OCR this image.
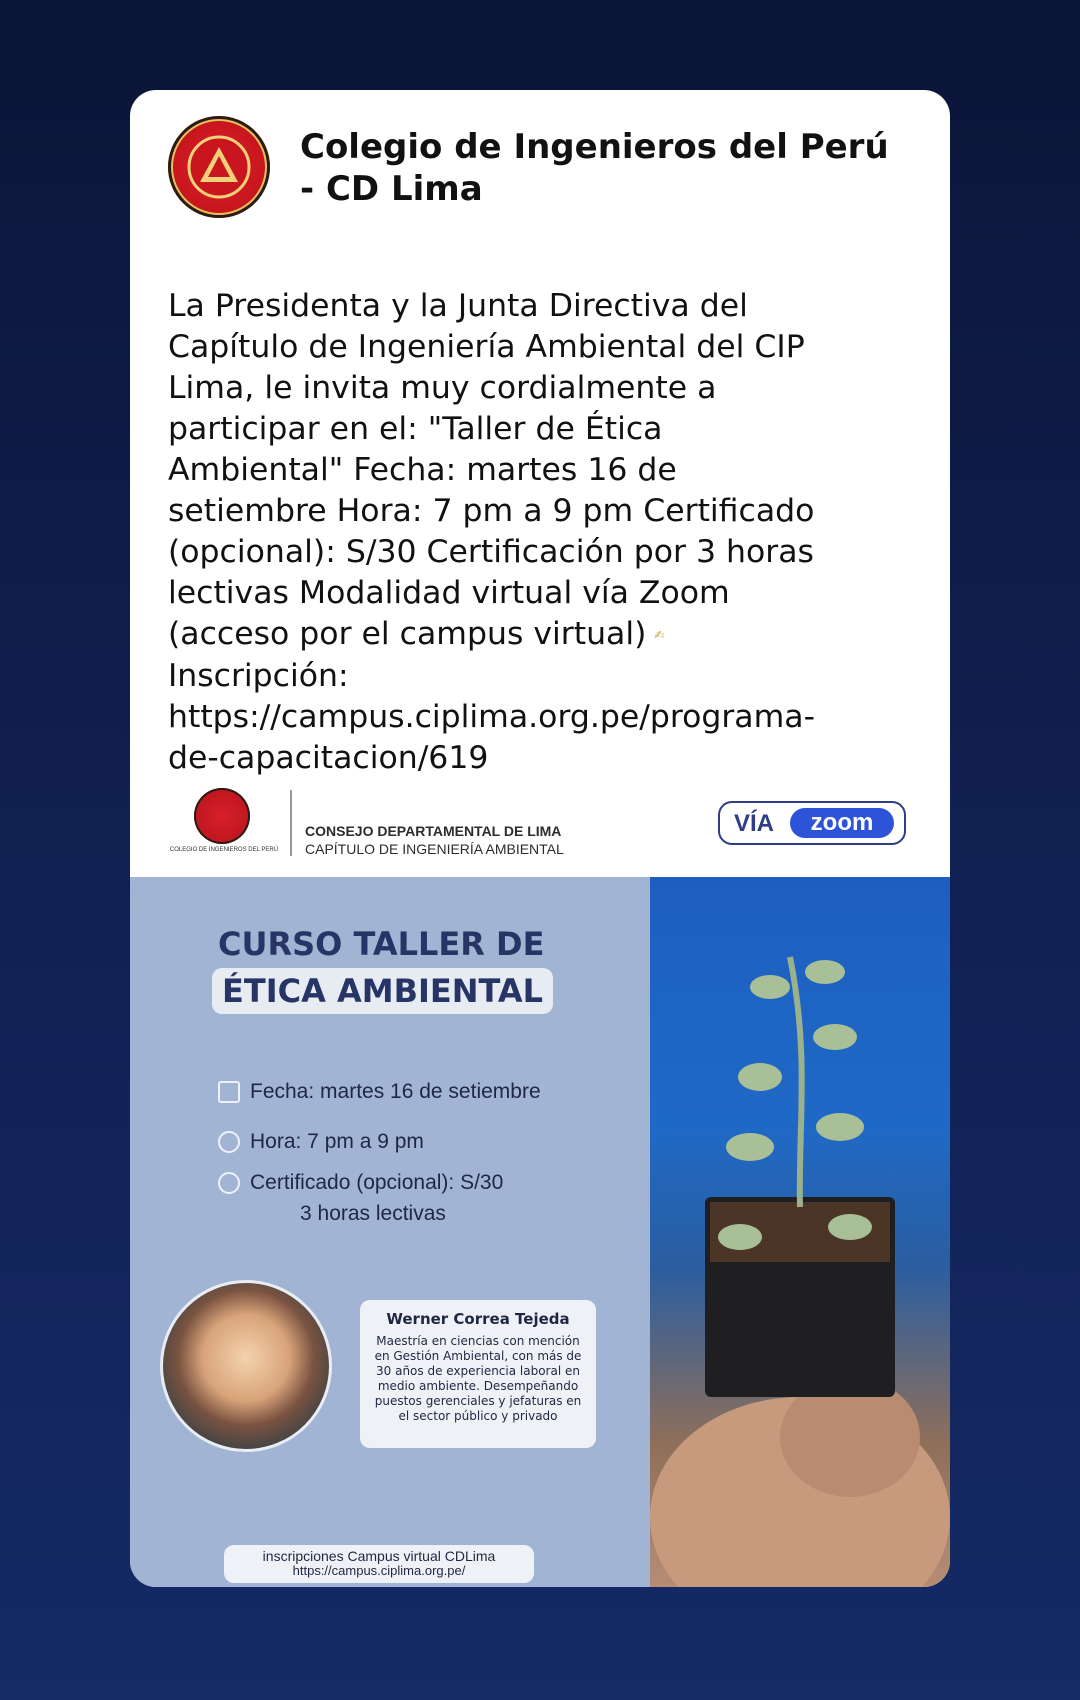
Colegio de Ingenieros del Perú - CD Lima

La Presidenta y la Junta Directiva del
Capítulo de Ingeniería Ambiental del CIP
Lima, le invita muy cordialmente a
participar en el: "Taller de Ética
Ambiental" Fecha: martes 16 de
setiembre Hora: 7 pm a 9 pm Certificado
(opcional): S/30 Certificación por 3 horas
lectivas Modalidad virtual vía Zoom
(acceso por el campus virtual) ✍
Inscripción:
https://campus.ciplima.org.pe/programa-
de-capacitacion/619

COLEGIO DE INGENIEROS DEL PERÚ
CONSEJO DEPARTAMENTAL DE LIMA
CAPÍTULO DE INGENIERÍA AMBIENTAL
VÍA	zoom
CURSO TALLER DE
ÉTICA AMBIENTAL
Fecha: martes 16 de setiembre
Hora: 7 pm a 9 pm
Certificado (opcional): S/30
3 horas lectivas
Werner Correa Tejeda
Maestría en ciencias con mención en Gestión Ambiental, con más de 30 años de experiencia laboral en medio ambiente. Desempeñando puestos gerenciales y jefaturas en el sector público y privado
inscripciones Campus virtual CDLima
https://campus.ciplima.org.pe/
